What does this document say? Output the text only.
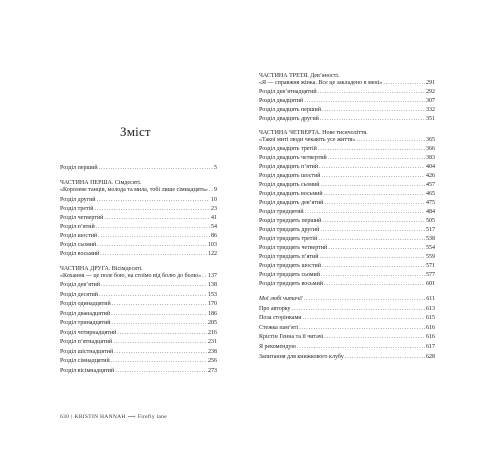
Зміст
Розділ перший . . .	5
ЧАСТИНА ПЕРША. Сімдесяті.
«Королеве танців, молода та мила, тобі лише сімнадцять» . . . 9
Розділ другий . . .	10
Розділ третій . . .	23
Розділ четвертий . . .	41
Розділ п’ятий . . .	54
Розділ шостий . . .	86
Розділ сьомий . . .	103
Розділ восьмий . . .	122
ЧАСТИНА ДРУГА. Вісімдесяті.
«Кохання — це поле бою, на стоїмо від болю до болю» . . . 137
Розділ дев’ятий . . .	138
Розділ десятий . . .	153
Розділ одинадцятий . . .	170
Розділ дванадцятий . . .	186
Розділ тринадцятий . . .	205
Розділ чотирнадцятий . . .	216
Розділ п’ятнадцятий . . .	231
Розділ шістнадцятий . . .	238
Розділ сімнадцятий . . .	256
Розділ вісімнадцятий . . .	273
630 | KRISTIN HANNAH ⟶ Firefly lane
ЧАСТИНА ТРЕТЯ. Дев’яності.
«Я — справжня жінка. Все це закладено в мені» . . .	291
Розділ дев’ятнадцятий . . .	292
Розділ двадцятий . . .	307
Розділ двадцять перший . . .	332
Розділ двадцять другий . . .	351
ЧАСТИНА ЧЕТВЕРТА. Нове тисячоліття.
«Такої миті люди чекають усе життя» . . .	365
Розділ двадцять третій . . .	366
Розділ двадцять четвертий . . .	383
Розділ двадцять п’ятий . . .	404
Розділ двадцять шостий . . .	426
Розділ двадцять сьомий . . .	457
Розділ двадцять восьмий . . .	465
Розділ двадцять дев’ятий . . .	475
Розділ тридцятий . . .	484
Розділ тридцять перший . . .	505
Розділ тридцять другий . . .	517
Розділ тридцять третій . . .	538
Розділ тридцять четвертий . . .	554
Розділ тридцять п’ятий . . .	559
Розділ тридцять шостий . . .	571
Розділ тридцять сьомий . . .	577
Розділ тридцять восьмий . . .	601
Мої любі читачі! . . .	611
Про авторку . . .	613
Поза сторінками . . .	615
Стежка пам’яті . . .	616
Крістін Генна та її читачі . . .	616
Я рекомендую . . .	617
Запитання для книжкового клубу . . .	628
